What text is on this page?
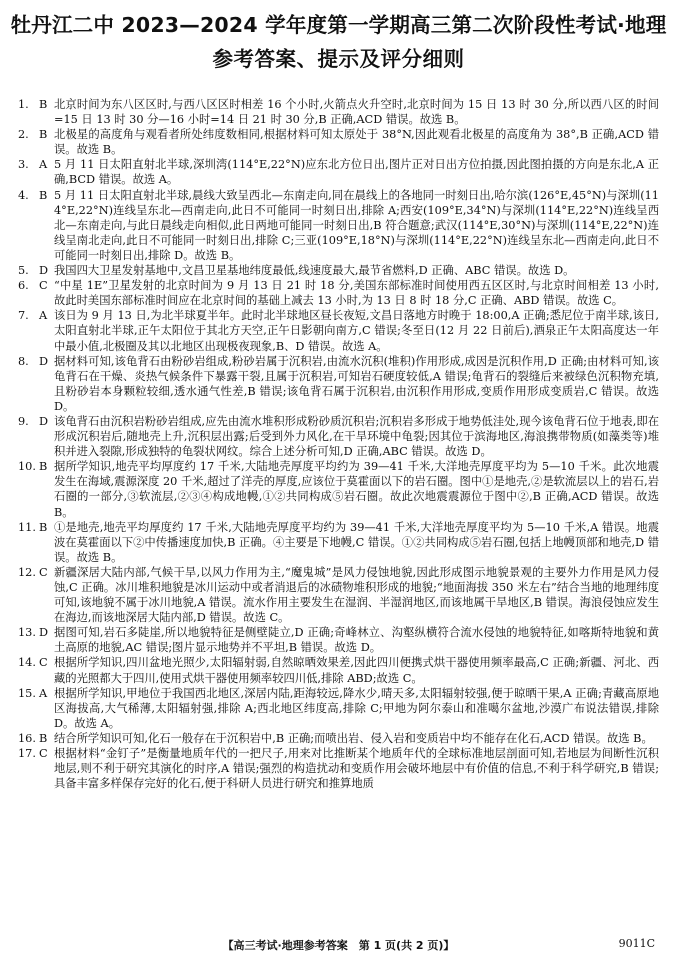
牡丹江二中 2023—2024 学年度第一学期高三第二次阶段性考试·地理
参考答案、提示及评分细则
1. B 北京时间为东八区区时,与西八区区时相差 16 个小时,火箭点火升空时,北京时间为 15 日 13 时 30 分,所以西八区的时间=15 日 13 时 30 分—16 小时=14 日 21 时 30 分,B 正确,ACD 错误。故选 B。
2. B 北极星的高度角与观看者所处纬度数相同,根据材料可知太原处于 38°N,因此观看北极星的高度角为 38°,B 正确,ACD 错误。故选 B。
3. A 5 月 11 日太阳直射北半球,深圳湾(114°E,22°N)应东北方位日出,图片正对日出方位拍摄,因此图拍摄的方向是东北,A 正确,BCD 错误。故选 A。
4. B 5 月 11 日太阳直射北半球,晨线大致呈西北—东南走向,同在晨线上的各地同一时刻日出,哈尔滨(126°E,45°N)与深圳(114°E,22°N)连线呈东北—西南走向,此日不可能同一时刻日出,排除 A;西安(109°E,34°N)与深圳(114°E,22°N)连线呈西北—东南走向,与此日晨线走向相似,此日两地可能同一时刻日出,B 符合题意;武汉(114°E,30°N)与深圳(114°E,22°N)连线呈南北走向,此日不可能同一时刻日出,排除 C;三亚(109°E,18°N)与深圳(114°E,22°N)连线呈东北—西南走向,此日不可能同一时刻日出,排除 D。故选 B。
5. D 我国四大卫星发射基地中,文昌卫星基地纬度最低,线速度最大,最节省燃料,D 正确、ABC 错误。故选 D。
6. C “中星 1E”卫星发射的北京时间为 9 月 13 日 21 时 18 分,美国东部标准时间使用西五区区时,与北京时间相差 13 小时,故此时美国东部标准时间应在北京时间的基础上减去 13 小时,为 13 日 8 时 18 分,C 正确、ABD 错误。故选 C。
7. A 该日为 9 月 13 日,为北半球夏半年。此时北半球地区昼长夜短,文昌日落地方时晚于 18:00,A 正确;悉尼位于南半球,该日,太阳直射北半球,正午太阳位于其北方天空,正午日影朝向南方,C 错误;冬至日(12 月 22 日前后),酒泉正午太阳高度达一年中最小值,北极圈及其以北地区出现极夜现象,B、D 错误。故选 A。
8. D 据材料可知,该龟背石由粉砂岩组成,粉砂岩属于沉积岩,由流水沉积(堆积)作用形成,成因是沉积作用,D 正确;由材料可知,该龟背石在干燥、炎热气候条件下暴露干裂,且属于沉积岩,可知岩石硬度较低,A 错误;龟背石的裂缝后来被绿色沉积物充填,且粉砂岩本身颗粒较细,透水通气性差,B 错误;该龟背石属于沉积岩,由沉积作用形成,变质作用形成变质岩,C 错误。故选 D。
9. D 该龟背石由沉积岩粉砂岩组成,应先由流水堆积形成粉砂质沉积岩;沉积岩多形成于地势低洼处,现今该龟背石位于地表,即在形成沉积岩后,随地壳上升,沉积层出露;后受到外力风化,在干旱环境中龟裂;因其位于滨海地区,海浪携带物质(如藻类等)堆积并进入裂隙,形成独特的龟裂状网纹。综合上述分析可知,D 正确,ABC 错误。故选 D。
10. B 据所学知识,地壳平均厚度约 17 千米,大陆地壳厚度平均约为 39—41 千米,大洋地壳厚度平均为 5—10 千米。此次地震发生在海域,震源深度 20 千米,超过了洋壳的厚度,应该位于莫霍面以下的岩石圈。图中①是地壳,②是软流层以上的岩石,岩石圈的一部分,③软流层,②③④构成地幔,①②共同构成⑤岩石圈。故此次地震震源位于图中②,B 正确,ACD 错误。故选 B。
11. B ①是地壳,地壳平均厚度约 17 千米,大陆地壳厚度平均约为 39—41 千米,大洋地壳厚度平均为 5—10 千米,A 错误。地震波在莫霍面以下②中传播速度加快,B 正确。④主要是下地幔,C 错误。①②共同构成⑤岩石圈,包括上地幔顶部和地壳,D 错误。故选 B。
12. C 新疆深居大陆内部,气候干旱,以风力作用为主,“魔鬼城”是风力侵蚀地貌,因此形成图示地貌景观的主要外力作用是风力侵蚀,C 正确。冰川堆积地貌是冰川运动中或者消退后的冰碛物堆积形成的地貌;“地面海拔 350 米左右”结合当地的地理纬度可知,该地貌不属于冰川地貌,A 错误。流水作用主要发生在湿润、半湿润地区,而该地属干旱地区,B 错误。海浪侵蚀应发生在海边,而该地深居大陆内部,D 错误。故选 C。
13. D 据图可知,岩石多陡崖,所以地貌特征是侧壁陡立,D 正确;奇峰林立、沟壑纵横符合流水侵蚀的地貌特征,如喀斯特地貌和黄土高原的地貌,AC 错误;图片显示地势并不平坦,B 错误。故选 D。
14. C 根据所学知识,四川盆地光照少,太阳辐射弱,自然晾晒效果差,因此四川便携式烘干器使用频率最高,C 正确;新疆、河北、西藏的光照都大于四川,使用式烘干器使用频率较四川低,排除 ABD;故选 C。
15. A 根据所学知识,甲地位于我国西北地区,深居内陆,距海较远,降水少,晴天多,太阳辐射较强,便于晾晒干果,A 正确;青藏高原地区海拔高,大气稀薄,太阳辐射强,排除 A;西北地区纬度高,排除 C;甲地为阿尔泰山和准噶尔盆地,沙漠广布说法错误,排除 D。故选 A。
16. B 结合所学知识可知,化石一般存在于沉积岩中,B 正确;而喷出岩、侵入岩和变质岩中均不能存在化石,ACD 错误。故选 B。
17. C 根据材料“金钉子”是衡量地质年代的一把尺子,用来对比推断某个地质年代的全球标准地层剖面可知,若地层为间断性沉积地层,则不利于研究其演化的时序,A 错误;强烈的构造扰动和变质作用会破坏地层中有价值的信息,不利于科学研究,B 错误;具备丰富多样保存完好的化石,便于科研人员进行研究和推算地质
【高三考试·地理参考答案　第 1 页(共 2 页)】	9011C
